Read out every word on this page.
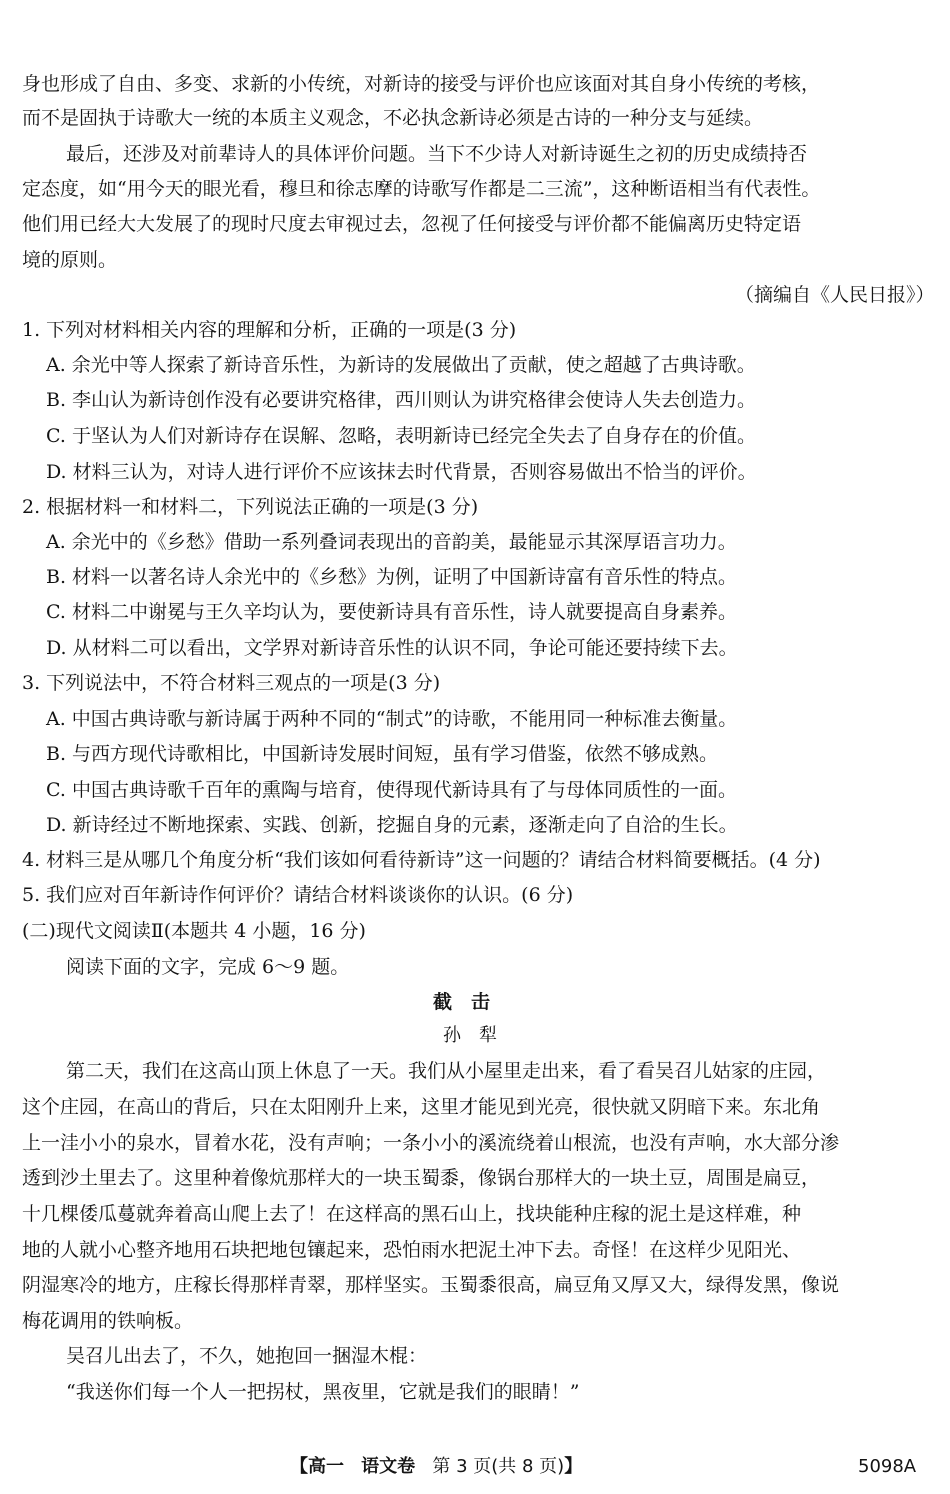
身也形成了自由、多变、求新的小传统，对新诗的接受与评价也应该面对其自身小传统的考核，
而不是固执于诗歌大一统的本质主义观念，不必执念新诗必须是古诗的一种分支与延续。
最后，还涉及对前辈诗人的具体评价问题。当下不少诗人对新诗诞生之初的历史成绩持否
定态度，如“用今天的眼光看，穆旦和徐志摩的诗歌写作都是二三流”，这种断语相当有代表性。
他们用已经大大发展了的现时尺度去审视过去，忽视了任何接受与评价都不能偏离历史特定语
境的原则。
（摘编自《人民日报》）
1. 下列对材料相关内容的理解和分析，正确的一项是(3 分)
A. 余光中等人探索了新诗音乐性，为新诗的发展做出了贡献，使之超越了古典诗歌。
B. 李山认为新诗创作没有必要讲究格律，西川则认为讲究格律会使诗人失去创造力。
C. 于坚认为人们对新诗存在误解、忽略，表明新诗已经完全失去了自身存在的价值。
D. 材料三认为，对诗人进行评价不应该抹去时代背景，否则容易做出不恰当的评价。
2. 根据材料一和材料二，下列说法正确的一项是(3 分)
A. 余光中的《乡愁》借助一系列叠词表现出的音韵美，最能显示其深厚语言功力。
B. 材料一以著名诗人余光中的《乡愁》为例，证明了中国新诗富有音乐性的特点。
C. 材料二中谢冕与王久辛均认为，要使新诗具有音乐性，诗人就要提高自身素养。
D. 从材料二可以看出，文学界对新诗音乐性的认识不同，争论可能还要持续下去。
3. 下列说法中，不符合材料三观点的一项是(3 分)
A. 中国古典诗歌与新诗属于两种不同的“制式”的诗歌，不能用同一种标准去衡量。
B. 与西方现代诗歌相比，中国新诗发展时间短，虽有学习借鉴，依然不够成熟。
C. 中国古典诗歌千百年的熏陶与培育，使得现代新诗具有了与母体同质性的一面。
D. 新诗经过不断地探索、实践、创新，挖掘自身的元素，逐渐走向了自洽的生长。
4. 材料三是从哪几个角度分析“我们该如何看待新诗”这一问题的？请结合材料简要概括。(4 分)
5. 我们应对百年新诗作何评价？请结合材料谈谈你的认识。(6 分)
(二)现代文阅读Ⅱ(本题共 4 小题，16 分)
阅读下面的文字，完成 6～9 题。
截　击
孙　犁
第二天，我们在这高山顶上休息了一天。我们从小屋里走出来，看了看吴召儿姑家的庄园，
这个庄园，在高山的背后，只在太阳刚升上来，这里才能见到光亮，很快就又阴暗下来。东北角
上一洼小小的泉水，冒着水花，没有声响；一条小小的溪流绕着山根流，也没有声响，水大部分渗
透到沙土里去了。这里种着像炕那样大的一块玉蜀黍，像锅台那样大的一块土豆，周围是扁豆，
十几棵倭瓜蔓就奔着高山爬上去了！在这样高的黑石山上，找块能种庄稼的泥土是这样难，种
地的人就小心整齐地用石块把地包镶起来，恐怕雨水把泥土冲下去。奇怪！在这样少见阳光、
阴湿寒冷的地方，庄稼长得那样青翠，那样坚实。玉蜀黍很高，扁豆角又厚又大，绿得发黑，像说
梅花调用的铁响板。
吴召儿出去了，不久，她抱回一捆湿木棍：
“我送你们每一个人一把拐杖，黑夜里，它就是我们的眼睛！”
【高一 语文卷 第 3 页(共 8 页)】	5098A
